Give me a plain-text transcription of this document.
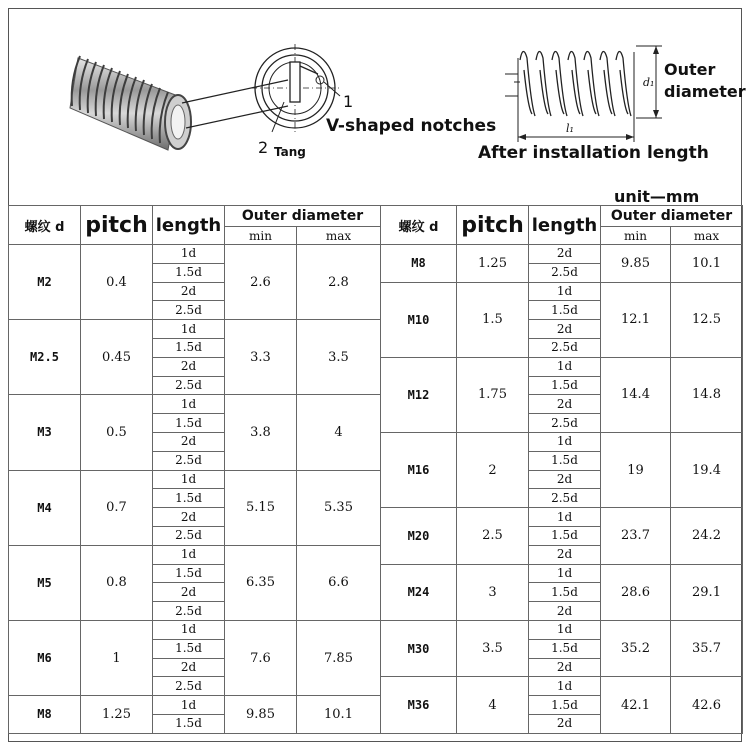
1
2 Tang
V-shaped notches
Outer
diameter
After installation length
d₁
l₁
unit—mm
螺纹 d	pitch	length	Outer diameter	
			min	max
M2	0.4	1d	2.6	2.8
		1.5d		
		2d		
		2.5d		
M2.5	0.45	1d	3.3	3.5
		1.5d		
		2d		
		2.5d		
M3	0.5	1d	3.8	4
		1.5d		
		2d		
		2.5d		
M4	0.7	1d	5.15	5.35
		1.5d		
		2d		
		2.5d		
M5	0.8	1d	6.35	6.6
		1.5d		
		2d		
		2.5d		
M6	1	1d	7.6	7.85
		1.5d		
		2d		
		2.5d		
M8	1.25	1d	9.85	10.1
		1.5d		
螺纹 d	pitch	length	Outer diameter	
			min	max
M8	1.25	2d	9.85	10.1
		2.5d		
M10	1.5	1d	12.1	12.5
		1.5d		
		2d		
		2.5d		
M12	1.75	1d	14.4	14.8
		1.5d		
		2d		
		2.5d		
M16	2	1d	19	19.4
		1.5d		
		2d		
		2.5d		
M20	2.5	1d	23.7	24.2
		1.5d		
		2d		
M24	3	1d	28.6	29.1
		1.5d		
		2d		
M30	3.5	1d	35.2	35.7
		1.5d		
		2d		
M36	4	1d	42.1	42.6
		1.5d		
		2d		
